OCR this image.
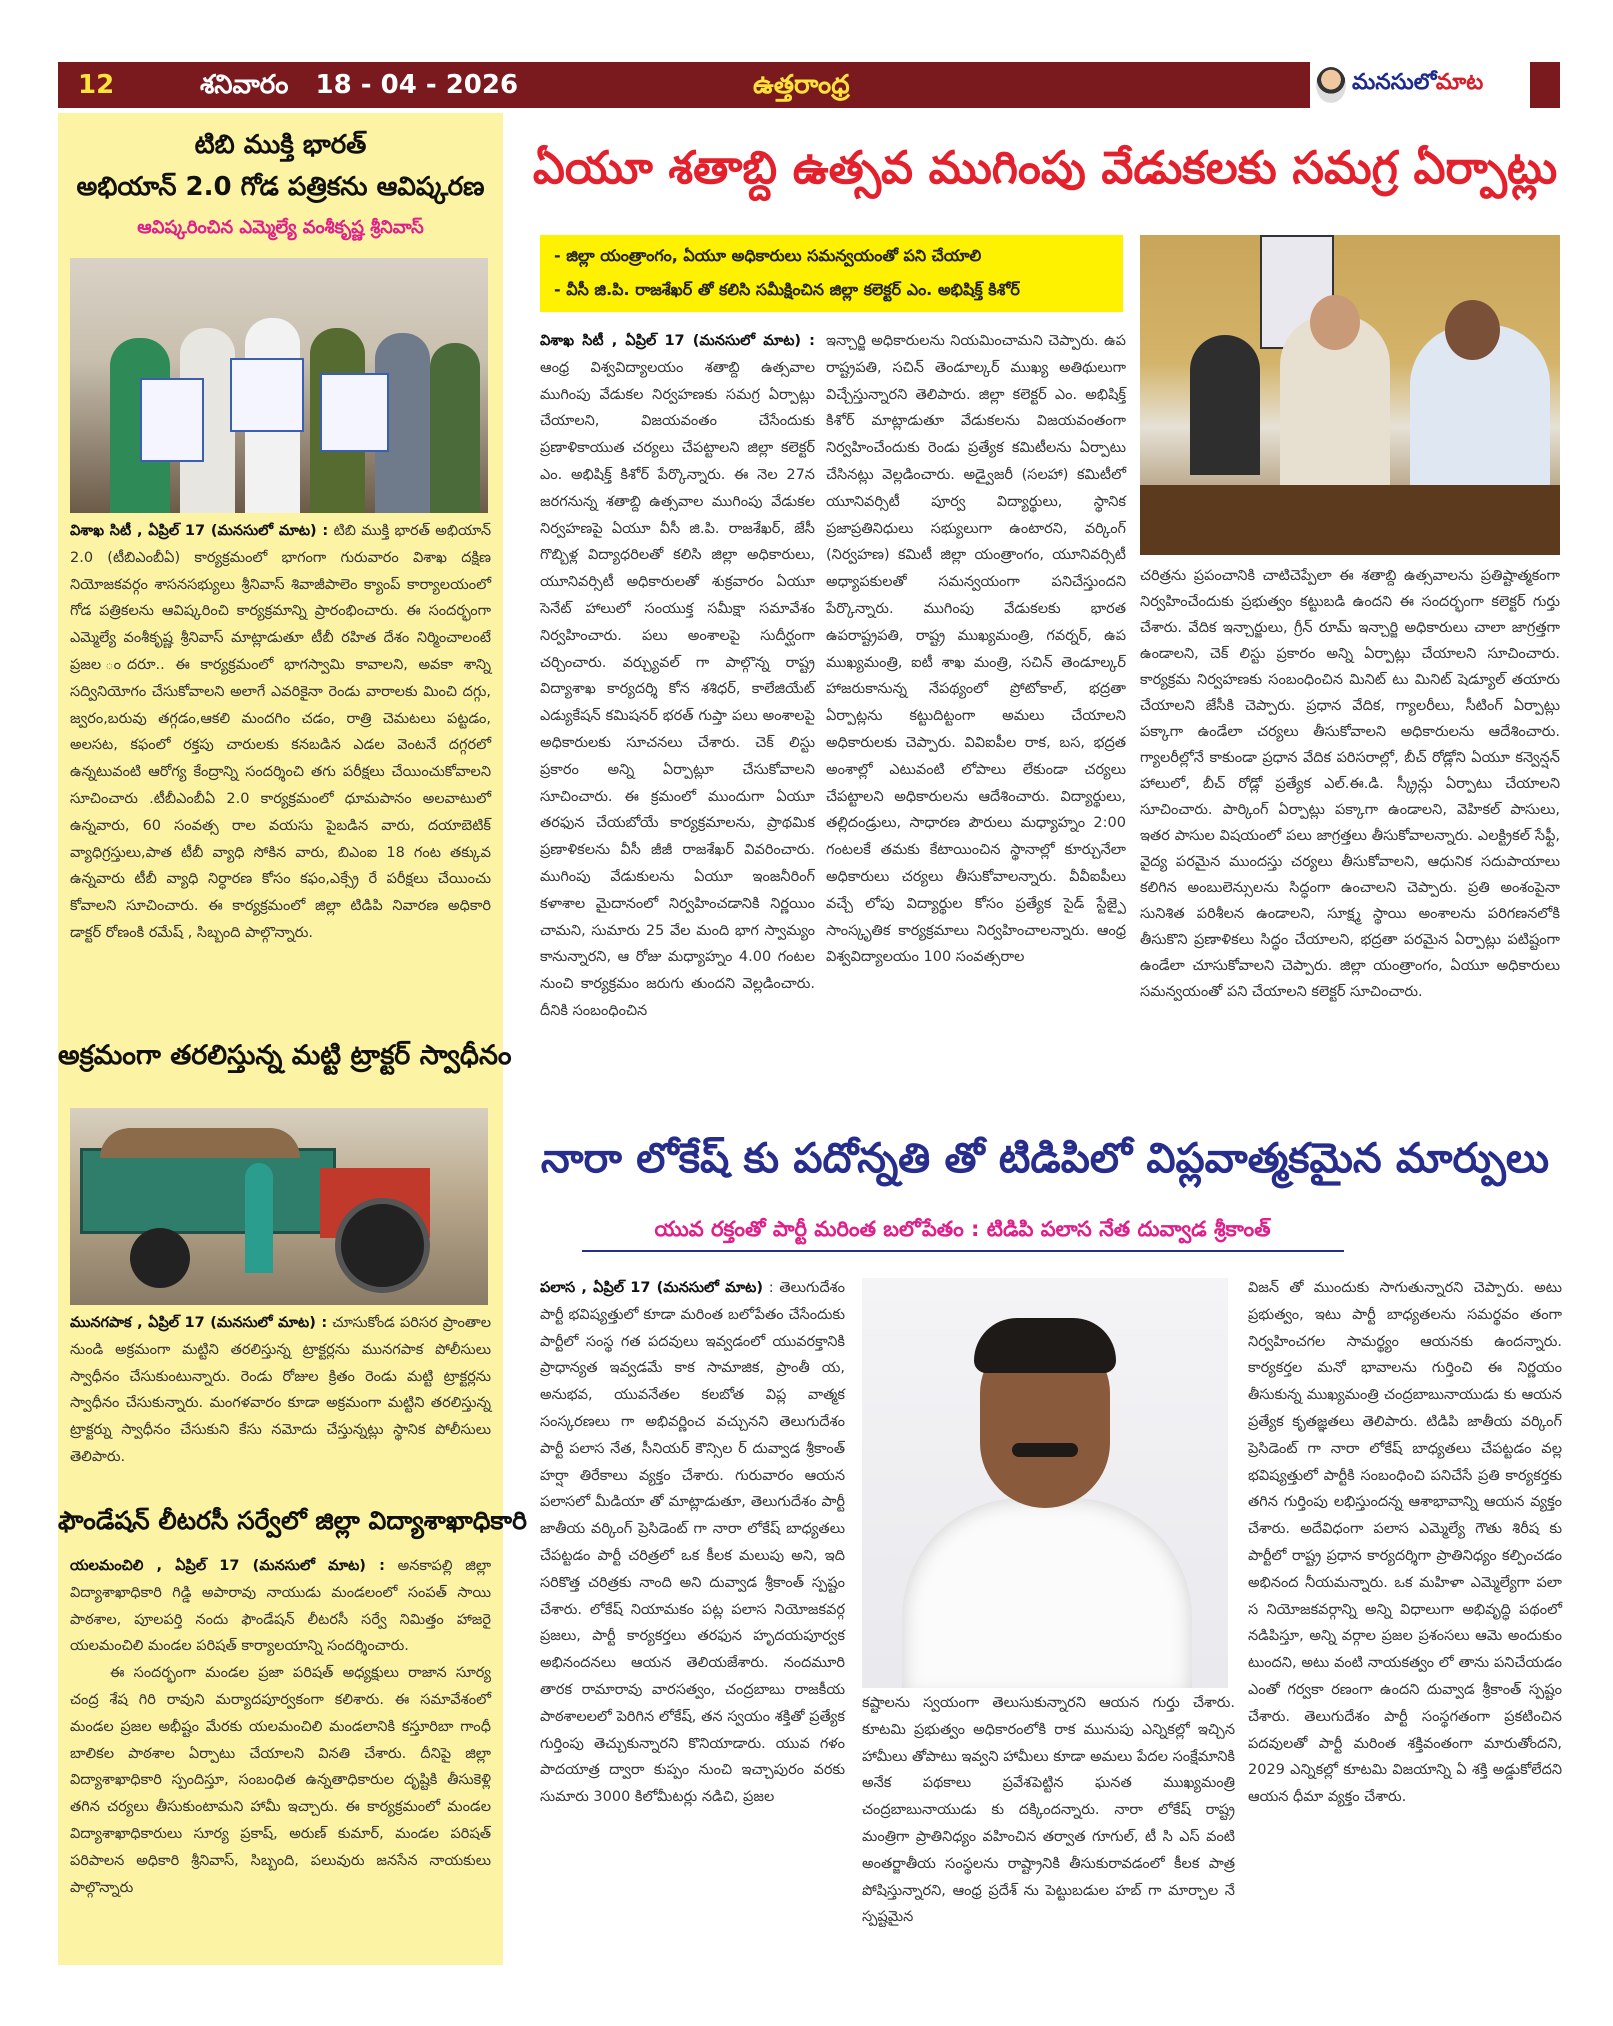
12	శనివారం   18 - 04 - 2026	ఉత్తరాంధ్ర	మనసులోమాట
టిబి ముక్తి భారత్
అభియాన్ 2.0 గోడ పత్రికను ఆవిష్కరణ
ఆవిష్కరించిన ఎమ్మెల్యే వంశీకృష్ణ శ్రీనివాస్
విశాఖ సిటీ , ఏప్రిల్ 17 (మనసులో మాట) : టిబి ముక్తి భారత్ అభియాన్ 2.0 (టీబిఎంబీఏ) కార్యక్రమంలో భాగంగా గురువారం విశాఖ దక్షిణ నియోజకవర్గం శాసనసభ్యులు శ్రీనివాస్ శివాజీపాలెం క్యాంప్ కార్యాలయంలో గోడ పత్రికలను ఆవిష్కరించి కార్యక్రమాన్ని ప్రారంభించారు. ఈ సందర్భంగా ఎమ్మెల్యే వంశీకృష్ణ శ్రీనివాస్ మాట్లాడుతూ టీబీ రహిత దేశం నిర్మించాలంటే ప్రజల ందరూ.. ఈ కార్యక్రమంలో భాగస్వామి కావాలని, అవకా శాన్ని సద్వినియోగం చేసుకోవాలని అలాగే ఎవరికైనా రెండు వారాలకు మించి దగ్గు, జ్వరం,బరువు తగ్గడం,ఆకలి మందగిం చడం, రాత్రి చెమటలు పట్టడం, అలసట, కఫంలో రక్తపు చారులకు కనబడిన ఎడల వెంటనే దగ్గరలో ఉన్నటువంటి ఆరోగ్య కేంద్రాన్ని సందర్శించి తగు పరీక్షలు చేయించుకోవాలని సూచించారు .టీబీఎంబీఏ 2.0 కార్యక్రమంలో ధూమపానం అలవాటులో ఉన్నవారు, 60 సంవత్స రాల వయసు పైబడిన వారు, దయాబెటిక్ వ్యాధిగ్రస్తులు,పాత టీబీ వ్యాధి సోకిన వారు, బిఎంఐ 18 గంట తక్కువ ఉన్నవారు టీబీ వ్యాధి నిర్ధారణ కోసం కఫం,ఎక్స్రే రే పరీక్షలు చేయించు కోవాలని సూచించారు. ఈ కార్యక్రమంలో జిల్లా టిడిపి నివారణ అధికారి డాక్టర్ రోణంకి రమేష్ , సిబ్బంది పాల్గొన్నారు.
అక్రమంగా తరలిస్తున్న మట్టి ట్రాక్టర్ స్వాధీనం
మునగపాక , ఏప్రిల్ 17 (మనసులో మాట) : చూసుకోండ పరిసర ప్రాంతాల నుండి అక్రమంగా మట్టిని తరలిస్తున్న ట్రాక్టర్లను మునగపాక పోలీసులు స్వాధీనం చేసుకుంటున్నారు. రెండు రోజుల క్రితం రెండు మట్టి ట్రాక్టర్లను స్వాధీనం చేసుకున్నారు. మంగళవారం కూడా అక్రమంగా మట్టిని తరలిస్తున్న ట్రాక్టర్ను స్వాధీనం చేసుకుని కేసు నమోదు చేస్తున్నట్లు స్థానిక పోలీసులు తెలిపారు.
ఫౌండేషన్ లీటరసీ సర్వేలో జిల్లా విద్యాశాఖాధికారి
యలమంచిలి , ఏప్రిల్ 17 (మనసులో మాట) : అనకాపల్లి జిల్లా విద్యాశాఖాధికారి గిడ్డి అపారావు నాయుడు మండలంలో సంపత్ సాయి పాఠశాల, పూలపర్తి నందు ఫౌండేషన్ లీటరసీ సర్వే నిమిత్తం హాజరై యలమంచిలి మండల పరిషత్ కార్యాలయాన్ని సందర్శించారు.
ఈ సందర్భంగా మండల ప్రజా పరిషత్ అధ్యక్షులు రాజాన సూర్య చంద్ర శేష గిరి రావుని మర్యాదపూర్వకంగా కలిశారు. ఈ సమావేశంలో మండల ప్రజల అభీష్టం మేరకు యలమంచిలి మండలానికి కస్తూరిబా గాంధీ బాలికల పాఠశాల ఏర్పాటు చేయాలని వినతి చేశారు. దీనిపై జిల్లా విద్యాశాఖాధికారి స్పందిస్తూ, సంబంధిత ఉన్నతాధికారుల దృష్టికి తీసుకెళ్లి తగిన చర్యలు తీసుకుంటామని హామీ ఇచ్చారు. ఈ కార్యక్రమంలో మండల విద్యాశాఖాధికారులు సూర్య ప్రకాష్, అరుణ్ కుమార్, మండల పరిషత్ పరిపాలన అధికారి శ్రీనివాస్, సిబ్బంది, పలువురు జనసేన నాయకులు పాల్గొన్నారు
ఏయూ శతాబ్ది ఉత్సవ ముగింపు వేడుకలకు సమగ్ర ఏర్పాట్లు
- జిల్లా యంత్రాంగం, ఏయూ అధికారులు సమన్వయంతో పని చేయాలి
- వీసీ జి.పి. రాజశేఖర్ తో కలిసి సమీక్షించిన జిల్లా కలెక్టర్ ఎం. అభిషిక్త్ కిశోర్
విశాఖ సిటీ , ఏప్రిల్ 17 (మనసులో మాట) : ఆంధ్ర విశ్వవిద్యాలయం శతాబ్ది ఉత్సవాల ముగింపు వేడుకల నిర్వహణకు సమగ్ర ఏర్పాట్లు చేయాలని, విజయవంతం చేసేందుకు ప్రణాళికాయుత చర్యలు చేపట్టాలని జిల్లా కలెక్టర్ ఎం. అభిషిక్త్ కిశోర్ పేర్కొన్నారు. ఈ నెల 27న జరగనున్న శతాబ్ది ఉత్సవాల ముగింపు వేడుకల నిర్వహణపై ఏయూ వీసీ జి.పి. రాజశేఖర్, జేసీ గొబ్బిళ్ల విద్యాధరిలతో కలిసి జిల్లా అధికారులు, యూనివర్సిటీ అధికారులతో శుక్రవారం ఏయూ సెనేట్ హాలులో సంయుక్త సమీక్షా సమావేశం నిర్వహించారు. పలు అంశాలపై సుదీర్ఘంగా చర్చించారు. వర్చ్యువల్ గా పాల్గొన్న రాష్ట్ర విద్యాశాఖ కార్యదర్శి కోన శశిధర్, కాలేజియేట్ ఎడ్యుకేషన్ కమిషనర్ భరత్ గుప్తా పలు అంశాలపై అధికారులకు సూచనలు చేశారు. చెక్ లిస్టు ప్రకారం అన్ని ఏర్పాట్లూ చేసుకోవాలని సూచించారు. ఈ క్రమంలో ముందుగా ఏయూ తరఫున చేయబోయే కార్యక్రమాలను, ప్రాథమిక ప్రణాళికలను వీసీ జీజీ రాజశేఖర్ వివరించారు. ముగింపు వేడుకులను ఏయూ ఇంజనీరింగ్ కళాశాల మైదానంలో నిర్వహించడానికి నిర్ణయిం చామని, సుమారు 25 వేల మంది భాగ స్వామ్యం కానున్నారని, ఆ రోజు మధ్యాహ్నం 4.00 గంటల నుంచి కార్యక్రమం జరుగు తుందని వెల్లడించారు. దీనికి సంబంధించిన
ఇన్చార్జి అధికారులను నియమించామని చెప్పారు. ఉప రాష్ట్రపతి, సచిన్ తెండూల్కర్ ముఖ్య అతిథులుగా విచ్చేస్తున్నారని తెలిపారు. జిల్లా కలెక్టర్ ఎం. అభిషిక్త్ కిశోర్ మాట్లాడుతూ వేడుకలను విజయవంతంగా నిర్వహించేందుకు రెండు ప్రత్యేక కమిటీలను ఏర్పాటు చేసినట్లు వెల్లడించారు. అడ్వైజరీ (సలహా) కమిటీలో యూనివర్సిటీ పూర్వ విద్యార్థులు, స్థానిక ప్రజాప్రతినిధులు సభ్యులుగా ఉంటారని, వర్కింగ్ (నిర్వహణ) కమిటీ జిల్లా యంత్రాంగం, యూనివర్సిటీ అధ్యాపకులతో సమన్వయంగా పనిచేస్తుందని పేర్కొన్నారు. ముగింపు వేడుకలకు భారత ఉపరాష్ట్రపతి, రాష్ట్ర ముఖ్యమంత్రి, గవర్నర్, ఉప ముఖ్యమంత్రి, ఐటీ శాఖ మంత్రి, సచిన్ తెండూల్కర్ హాజరుకానున్న నేపథ్యంలో ప్రోటోకాల్, భద్రతా ఏర్పాట్లను కట్టుదిట్టంగా అమలు చేయాలని అధికారులకు చెప్పారు. వివిఐపీల రాక, బస, భద్రత అంశాల్లో ఎటువంటి లోపాలు లేకుండా చర్యలు చేపట్టాలని అధికారులను ఆదేశించారు. విద్యార్థులు, తల్లిదండ్రులు, సాధారణ పౌరులు మధ్యాహ్నం 2:00 గంటలకే తమకు కేటాయించిన స్థానాల్లో కూర్చునేలా అధికారులు చర్యలు తీసుకోవాలన్నారు. వీవీఐపీలు వచ్చే లోపు విద్యార్థుల కోసం ప్రత్యేక సైడ్ స్టేజ్పై సాంస్కృతిక కార్యక్రమాలు నిర్వహించాలన్నారు. ఆంధ్ర విశ్వవిద్యాలయం 100 సంవత్సరాల
చరిత్రను ప్రపంచానికి చాటిచెప్పేలా ఈ శతాబ్ది ఉత్సవాలను ప్రతిష్టాత్మకంగా నిర్వహించేందుకు ప్రభుత్వం కట్టుబడి ఉందని ఈ సందర్భంగా కలెక్టర్ గుర్తు చేశారు. వేదిక ఇన్చార్జులు, గ్రీన్ రూమ్ ఇన్చార్జి అధికారులు చాలా జాగ్రత్తగా ఉండాలని, చెక్ లిస్టు ప్రకారం అన్ని ఏర్పాట్లు చేయాలని సూచించారు. కార్యక్రమ నిర్వహణకు సంబంధించిన మినిట్ టు మినిట్ షెడ్యూల్ తయారు చేయాలని జేసీకి చెప్పారు. ప్రధాన వేదిక, గ్యాలరీలు, సీటింగ్ ఏర్పాట్లు పక్కాగా ఉండేలా చర్యలు తీసుకోవాలని అధికారులను ఆదేశించారు. గ్యాలరీల్లోనే కాకుండా ప్రధాన వేదిక పరిసరాల్లో, బీచ్ రోడ్లోని ఏయూ కన్వెన్షన్ హాలులో, బీచ్ రోడ్లో ప్రత్యేక ఎల్.ఈ.డి. స్క్రీన్లు ఏర్పాటు చేయాలని సూచించారు. పార్కింగ్ ఏర్పాట్లు పక్కాగా ఉండాలని, వెహికల్ పాసులు, ఇతర పాసుల విషయంలో పలు జాగ్రత్తలు తీసుకోవాలన్నారు. ఎలక్ట్రికల్ సేఫ్టీ, వైద్య పరమైన ముందస్తు చర్యలు తీసుకోవాలని, ఆధునిక సదుపాయాలు కలిగిన అంబులెన్సులను సిద్ధంగా ఉంచాలని చెప్పారు. ప్రతి అంశంపైనా సునిశిత పరిశీలన ఉండాలని, సూక్ష్మ స్థాయి అంశాలను పరిగణనలోకి తీసుకొని ప్రణాళికలు సిద్ధం చేయాలని, భద్రతా పరమైన ఏర్పాట్లు పటిష్టంగా ఉండేలా చూసుకోవాలని చెప్పారు. జిల్లా యంత్రాంగం, ఏయూ అధికారులు సమన్వయంతో పని చేయాలని కలెక్టర్ సూచించారు.
నారా లోకేష్ కు పదోన్నతి తో టిడిపిలో విప్లవాత్మకమైన మార్పులు
యువ రక్తంతో పార్టీ మరింత బలోపేతం : టిడిపి పలాస నేత దువ్వాడ శ్రీకాంత్
పలాస , ఏప్రిల్ 17 (మనసులో మాట) : తెలుగుదేశం పార్టీ భవిష్యత్తులో కూడా మరింత బలోపేతం చేసేందుకు పార్టీలో సంస్థ గత పదవులు ఇవ్వడంలో యువరక్తానికి ప్రాధాన్యత ఇవ్వడమే కాక సామాజిక, ప్రాంతీ య, అనుభవ, యువనేతల కలబోత విప్ల వాత్మక సంస్కరణలు గా అభివర్ణించ వచ్చునని తెలుగుదేశం పార్టీ పలాస నేత, సీనియర్ కౌన్సిల ర్ దువ్వాడ శ్రీకాంత్ హర్షా తిరేకాలు వ్యక్తం చేశారు. గురువారం ఆయన పలాసలో మీడియా తో మాట్లాడుతూ, తెలుగుదేశం పార్టీ జాతీయ వర్కింగ్ ప్రెసిడెంట్ గా నారా లోకేష్ బాధ్యతలు చేపట్టడం పార్టీ చరిత్రలో ఒక కీలక మలుపు అని, ఇది సరికొత్త చరిత్రకు నాంది అని దువ్వాడ శ్రీకాంత్ స్పష్టం చేశారు. లోకేష్ నియామకం పట్ల పలాస నియోజకవర్గ ప్రజలు, పార్టీ కార్యకర్తలు తరఫున హృదయపూర్వక అభినందనలు ఆయన తెలియజేశారు. నందమూరి తారక రామారావు వారసత్వం, చంద్రబాబు రాజకీయ పాఠశాలలలో పెరిగిన లోకేష్, తన స్వయం శక్తితో ప్రత్యేక గుర్తింపు తెచ్చుకున్నారని కొనియాడారు. యువ గళం పాదయాత్ర ద్వారా కుప్పం నుంచి ఇచ్చాపురం వరకు సుమారు 3000 కిలోమీటర్లు నడిచి, ప్రజల
కష్టాలను స్వయంగా తెలుసుకున్నారని ఆయన గుర్తు చేశారు. కూటమి ప్రభుత్వం అధికారంలోకి రాక మునుపు ఎన్నికల్లో ఇచ్చిన హామీలు తోపాటు ఇవ్వని హామీలు కూడా అమలు పేదల సంక్షేమానికి అనేక పథకాలు ప్రవేశపెట్టిన ఘనత ముఖ్యమంత్రి చంద్రబాబునాయుడు కు దక్కిందన్నారు. నారా లోకేష్ రాష్ట్ర మంత్రిగా ప్రాతినిధ్యం వహించిన తర్వాత గూగుల్, టీ సి ఎస్ వంటి అంతర్జాతీయ సంస్థలను రాష్ట్రానికి తీసుకురావడంలో కీలక పాత్ర పోషిస్తున్నారని, ఆంధ్ర ప్రదేశ్ ను పెట్టుబడుల హబ్ గా మార్చాల నే స్పష్టమైన
విజన్ తో ముందుకు సాగుతున్నారని చెప్పారు. అటు ప్రభుత్వం, ఇటు పార్టీ బాధ్యతలను సమర్థవం తంగా నిర్వహించగల సామర్థ్యం ఆయనకు ఉందన్నారు. కార్యకర్తల మనో భావాలను గుర్తించి ఈ నిర్ణయం తీసుకున్న ముఖ్యమంత్రి చంద్రబాబునాయుడు కు ఆయన ప్రత్యేక కృతజ్ఞతలు తెలిపారు. టిడిపి జాతీయ వర్కింగ్ ప్రెసిడెంట్ గా నారా లోకేష్ బాధ్యతలు చేపట్టడం వల్ల భవిష్యత్తులో పార్టీకి సంబంధించి పనిచేసే ప్రతి కార్యకర్తకు తగిన గుర్తింపు లభిస్తుందన్న ఆశాభావాన్ని ఆయన వ్యక్తం చేశారు. అదేవిధంగా పలాస ఎమ్మెల్యే గౌతు శిరీష కు పార్టీలో రాష్ట్ర ప్రధాన కార్యదర్శిగా ప్రాతినిధ్యం కల్పించడం అభినంద నీయమన్నారు. ఒక మహిళా ఎమ్మెల్యేగా పలా స నియోజకవర్గాన్ని అన్ని విధాలుగా అభివృద్ధి పథంలో నడిపిస్తూ, అన్ని వర్గాల ప్రజల ప్రశంసలు ఆమె అందుకుం టుందని, అటు వంటి నాయకత్వం లో తాను పనిచేయడం ఎంతో గర్వకా రణంగా ఉందని దువ్వాడ శ్రీకాంత్ స్పష్టం చేశారు. తెలుగుదేశం పార్టీ సంస్థగతంగా ప్రకటించిన పదవులతో పార్టీ మరింత శక్తివంతంగా మారుతోందని, 2029 ఎన్నికల్లో కూటమి విజయాన్ని ఏ శక్తి అడ్డుకోలేదని ఆయన ధీమా వ్యక్తం చేశారు.
